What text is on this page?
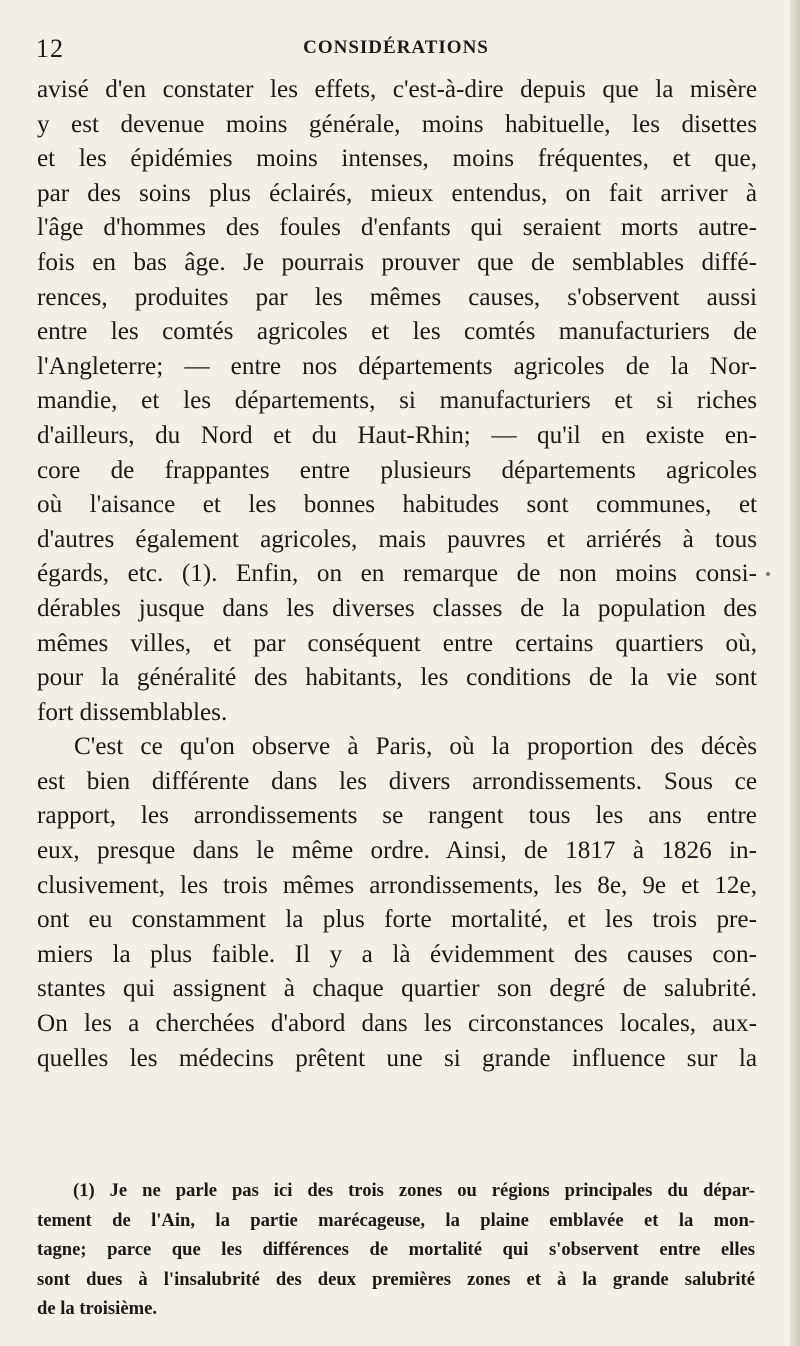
12	CONSIDÉRATIONS
avisé d'en constater les effets, c'est-à-dire depuis que la misère
y est devenue moins générale, moins habituelle, les disettes
et les épidémies moins intenses, moins fréquentes, et que,
par des soins plus éclairés, mieux entendus, on fait arriver à
l'âge d'hommes des foules d'enfants qui seraient morts autre-
fois en bas âge. Je pourrais prouver que de semblables diffé-
rences, produites par les mêmes causes, s'observent aussi
entre les comtés agricoles et les comtés manufacturiers de
l'Angleterre; — entre nos départements agricoles de la Nor-
mandie, et les départements, si manufacturiers et si riches
d'ailleurs, du Nord et du Haut-Rhin; — qu'il en existe en-
core de frappantes entre plusieurs départements agricoles
où l'aisance et les bonnes habitudes sont communes, et
d'autres également agricoles, mais pauvres et arriérés à tous
égards, etc. (1). Enfin, on en remarque de non moins consi-
dérables jusque dans les diverses classes de la population des
mêmes villes, et par conséquent entre certains quartiers où,
pour la généralité des habitants, les conditions de la vie sont
fort dissemblables.
C'est ce qu'on observe à Paris, où la proportion des décès
est bien différente dans les divers arrondissements. Sous ce
rapport, les arrondissements se rangent tous les ans entre
eux, presque dans le même ordre. Ainsi, de 1817 à 1826 in-
clusivement, les trois mêmes arrondissements, les 8e, 9e et 12e,
ont eu constamment la plus forte mortalité, et les trois pre-
miers la plus faible. Il y a là évidemment des causes con-
stantes qui assignent à chaque quartier son degré de salubrité.
On les a cherchées d'abord dans les circonstances locales, aux-
quelles les médecins prêtent une si grande influence sur la
(1) Je ne parle pas ici des trois zones ou régions principales du dépar-
tement de l'Ain, la partie marécageuse, la plaine emblavée et la mon-
tagne; parce que les différences de mortalité qui s'observent entre elles
sont dues à l'insalubrité des deux premières zones et à la grande salubrité
de la troisième.
